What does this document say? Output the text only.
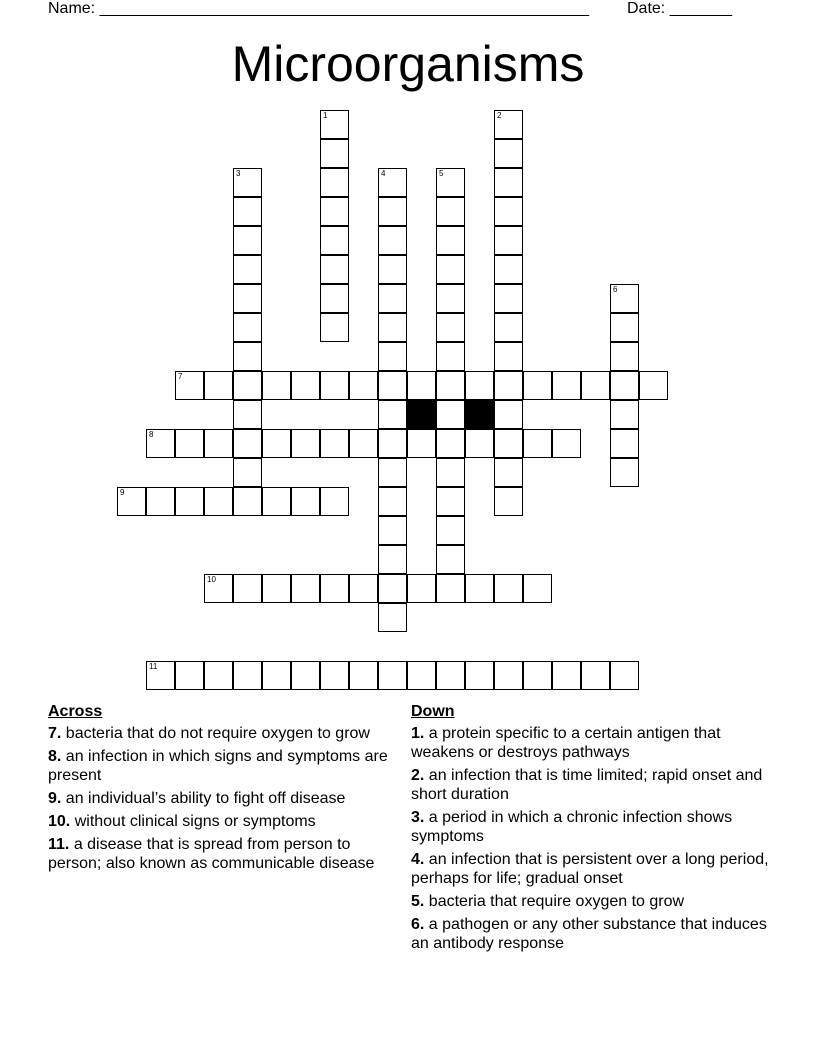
Name: _______________________________________________________ Date: _______
Microorganisms
1	2
3	4	5
6
7
8
9
10
11
Across
7. bacteria that do not require oxygen to grow
8. an infection in which signs and symptoms are present
9. an individual’s ability to fight off disease
10. without clinical signs or symptoms
11. a disease that is spread from person to person; also known as communicable disease
Down
1. a protein specific to a certain antigen that weakens or destroys pathways
2. an infection that is time limited; rapid onset and short duration
3. a period in which a chronic infection shows symptoms
4. an infection that is persistent over a long period, perhaps for life; gradual onset
5. bacteria that require oxygen to grow
6. a pathogen or any other substance that induces an antibody response
